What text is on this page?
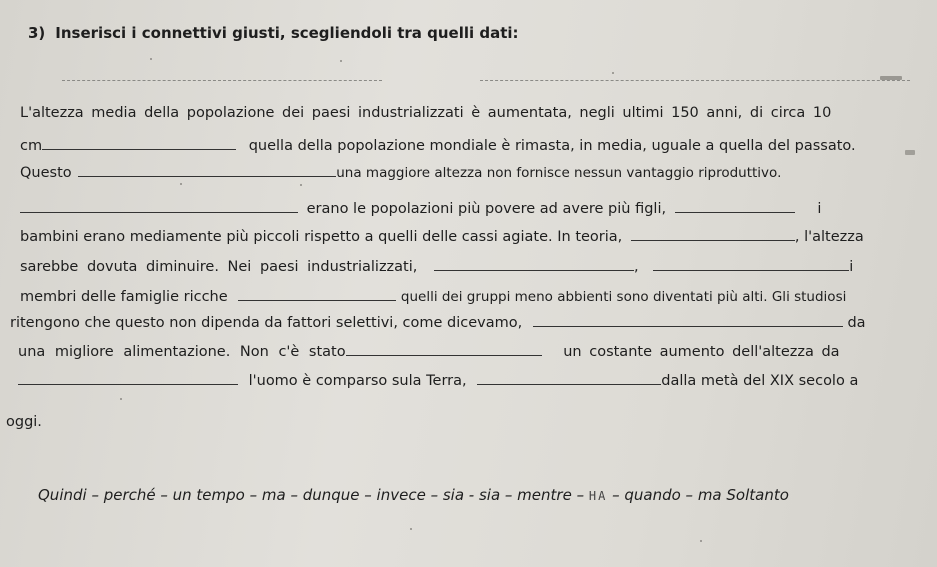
3) Inserisci i connettivi giusti, scegliendoli tra quelli dati:
L'altezza media della popolazione dei paesi industrializzati è aumentata, negli ultimi 150 anni, di circa 10
cm	quella della popolazione mondiale è rimasta, in media, uguale a quella del passato.
Questo	una maggiore altezza non fornisce nessun vantaggio riproduttivo.
erano le popolazioni più povere ad avere più figli,	i
bambini erano mediamente più piccoli rispetto a quelli delle cassi agiate. In teoria,	, l'altezza
sarebbe dovuta diminuire. Nei paesi industrializzati,	,	i
membri delle famiglie ricche	quelli dei gruppi meno abbienti sono diventati più alti. Gli studiosi
ritengono che questo non dipenda da fattori selettivi, come dicevamo,	da
una migliore alimentazione. Non c'è stato	un costante aumento dell'altezza da
l'uomo è comparso sula Terra,	dalla metà del XIX secolo a
oggi.
Quindi – perché – un tempo – ma – dunque – invece – sia - sia – mentre – HA – quando – ma Soltanto
